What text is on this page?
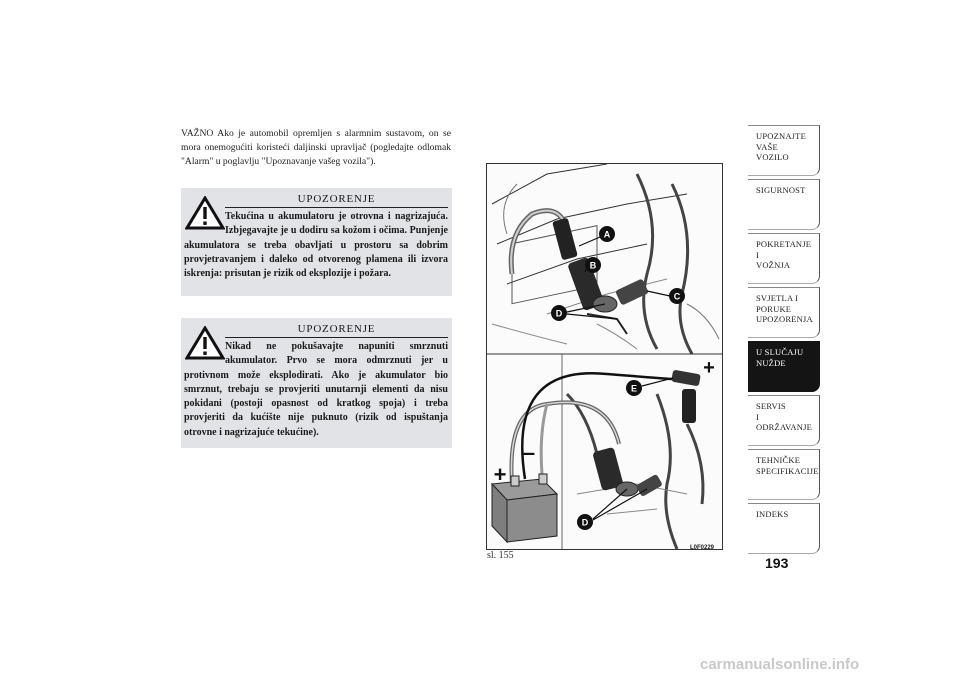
VAŽNO Ako je automobil opremljen s alarmnim sustavom, on se mora onemogućiti koristeći daljinski upravljač (pogledajte odlomak "Alarm" u poglavlju "Upoznavanje vašeg vozila").
UPOZORENJE
Tekućina u akumulatoru je otrovna i nagrizajuća. Izbjegavajte je u dodiru sa kožom i očima. Punjenje akumulatora se treba obavljati u prostoru sa dobrim provjetravanjem i daleko od otvorenog plamena ili izvora iskrenja: prisutan je rizik od eksplozije i požara.
UPOZORENJE
Nikad ne pokušavajte napuniti smrznuti akumulator. Prvo se mora odmrznuti jer u protivnom može eksplodirati. Ako je akumulator bio smrznut, trebaju se provjeriti unutarnji elementi da nisu pokidani (postoji opasnost od kratkog spoja) i treba provjeriti da kućište nije puknuto (rizik od ispuštanja otrovne i nagrizajuće tekućine).
A
B
C
D
+
+
–
E
D
sl. 155
L0F0229
UPOZNAJTE
VAŠE
VOZILO
SIGURNOST
POKRETANJE
I
VOŽNJA
SVJETLA I
PORUKE
UPOZORENJA
U SLUČAJU
NUŽDE
SERVIS
I
ODRŽAVANJE
TEHNIČKE
SPECIFIKACIJE
INDEKS
193
carmanualsonline.info
